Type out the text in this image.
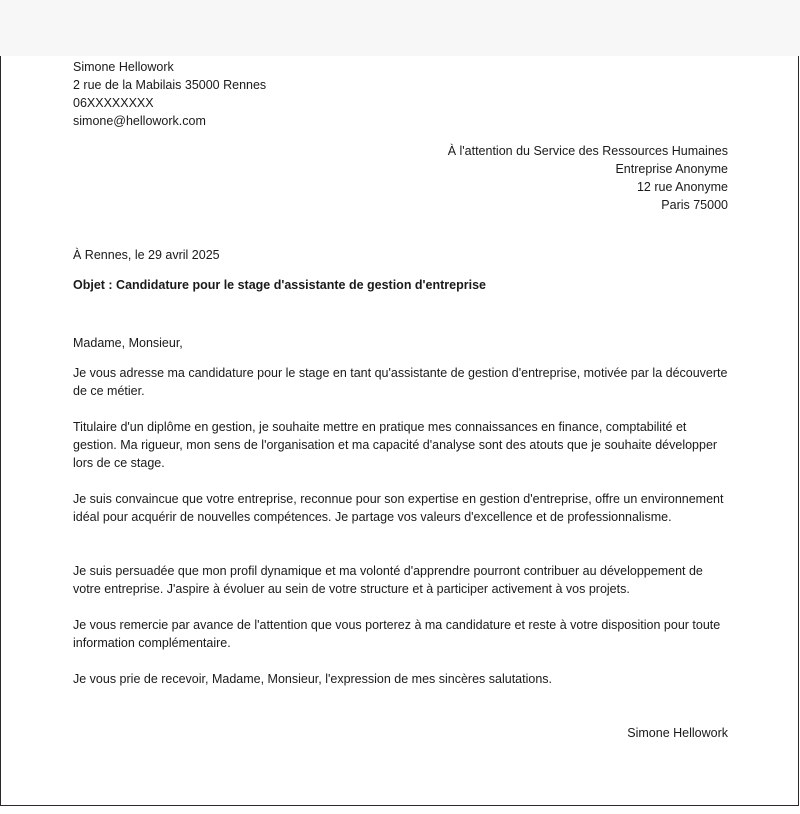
Simone Hellowork
2 rue de la Mabilais 35000 Rennes
06XXXXXXXX
simone@hellowork.com
À l'attention du Service des Ressources Humaines
Entreprise Anonyme
12 rue Anonyme
Paris 75000
À Rennes, le 29 avril 2025
Objet : Candidature pour le stage d'assistante de gestion d'entreprise
Madame, Monsieur,

Je vous adresse ma candidature pour le stage en tant qu'assistante de gestion d'entreprise, motivée par la découverte de ce métier.

Titulaire d'un diplôme en gestion, je souhaite mettre en pratique mes connaissances en finance, comptabilité et gestion. Ma rigueur, mon sens de l'organisation et ma capacité d'analyse sont des atouts que je souhaite développer lors de ce stage.

Je suis convaincue que votre entreprise, reconnue pour son expertise en gestion d'entreprise, offre un environnement idéal pour acquérir de nouvelles compétences. Je partage vos valeurs d'excellence et de professionnalisme.

Je suis persuadée que mon profil dynamique et ma volonté d'apprendre pourront contribuer au développement de votre entreprise. J'aspire à évoluer au sein de votre structure et à participer activement à vos projets.

Je vous remercie par avance de l'attention que vous porterez à ma candidature et reste à votre disposition pour toute information complémentaire.

Je vous prie de recevoir, Madame, Monsieur, l'expression de mes sincères salutations.

Simone Hellowork
